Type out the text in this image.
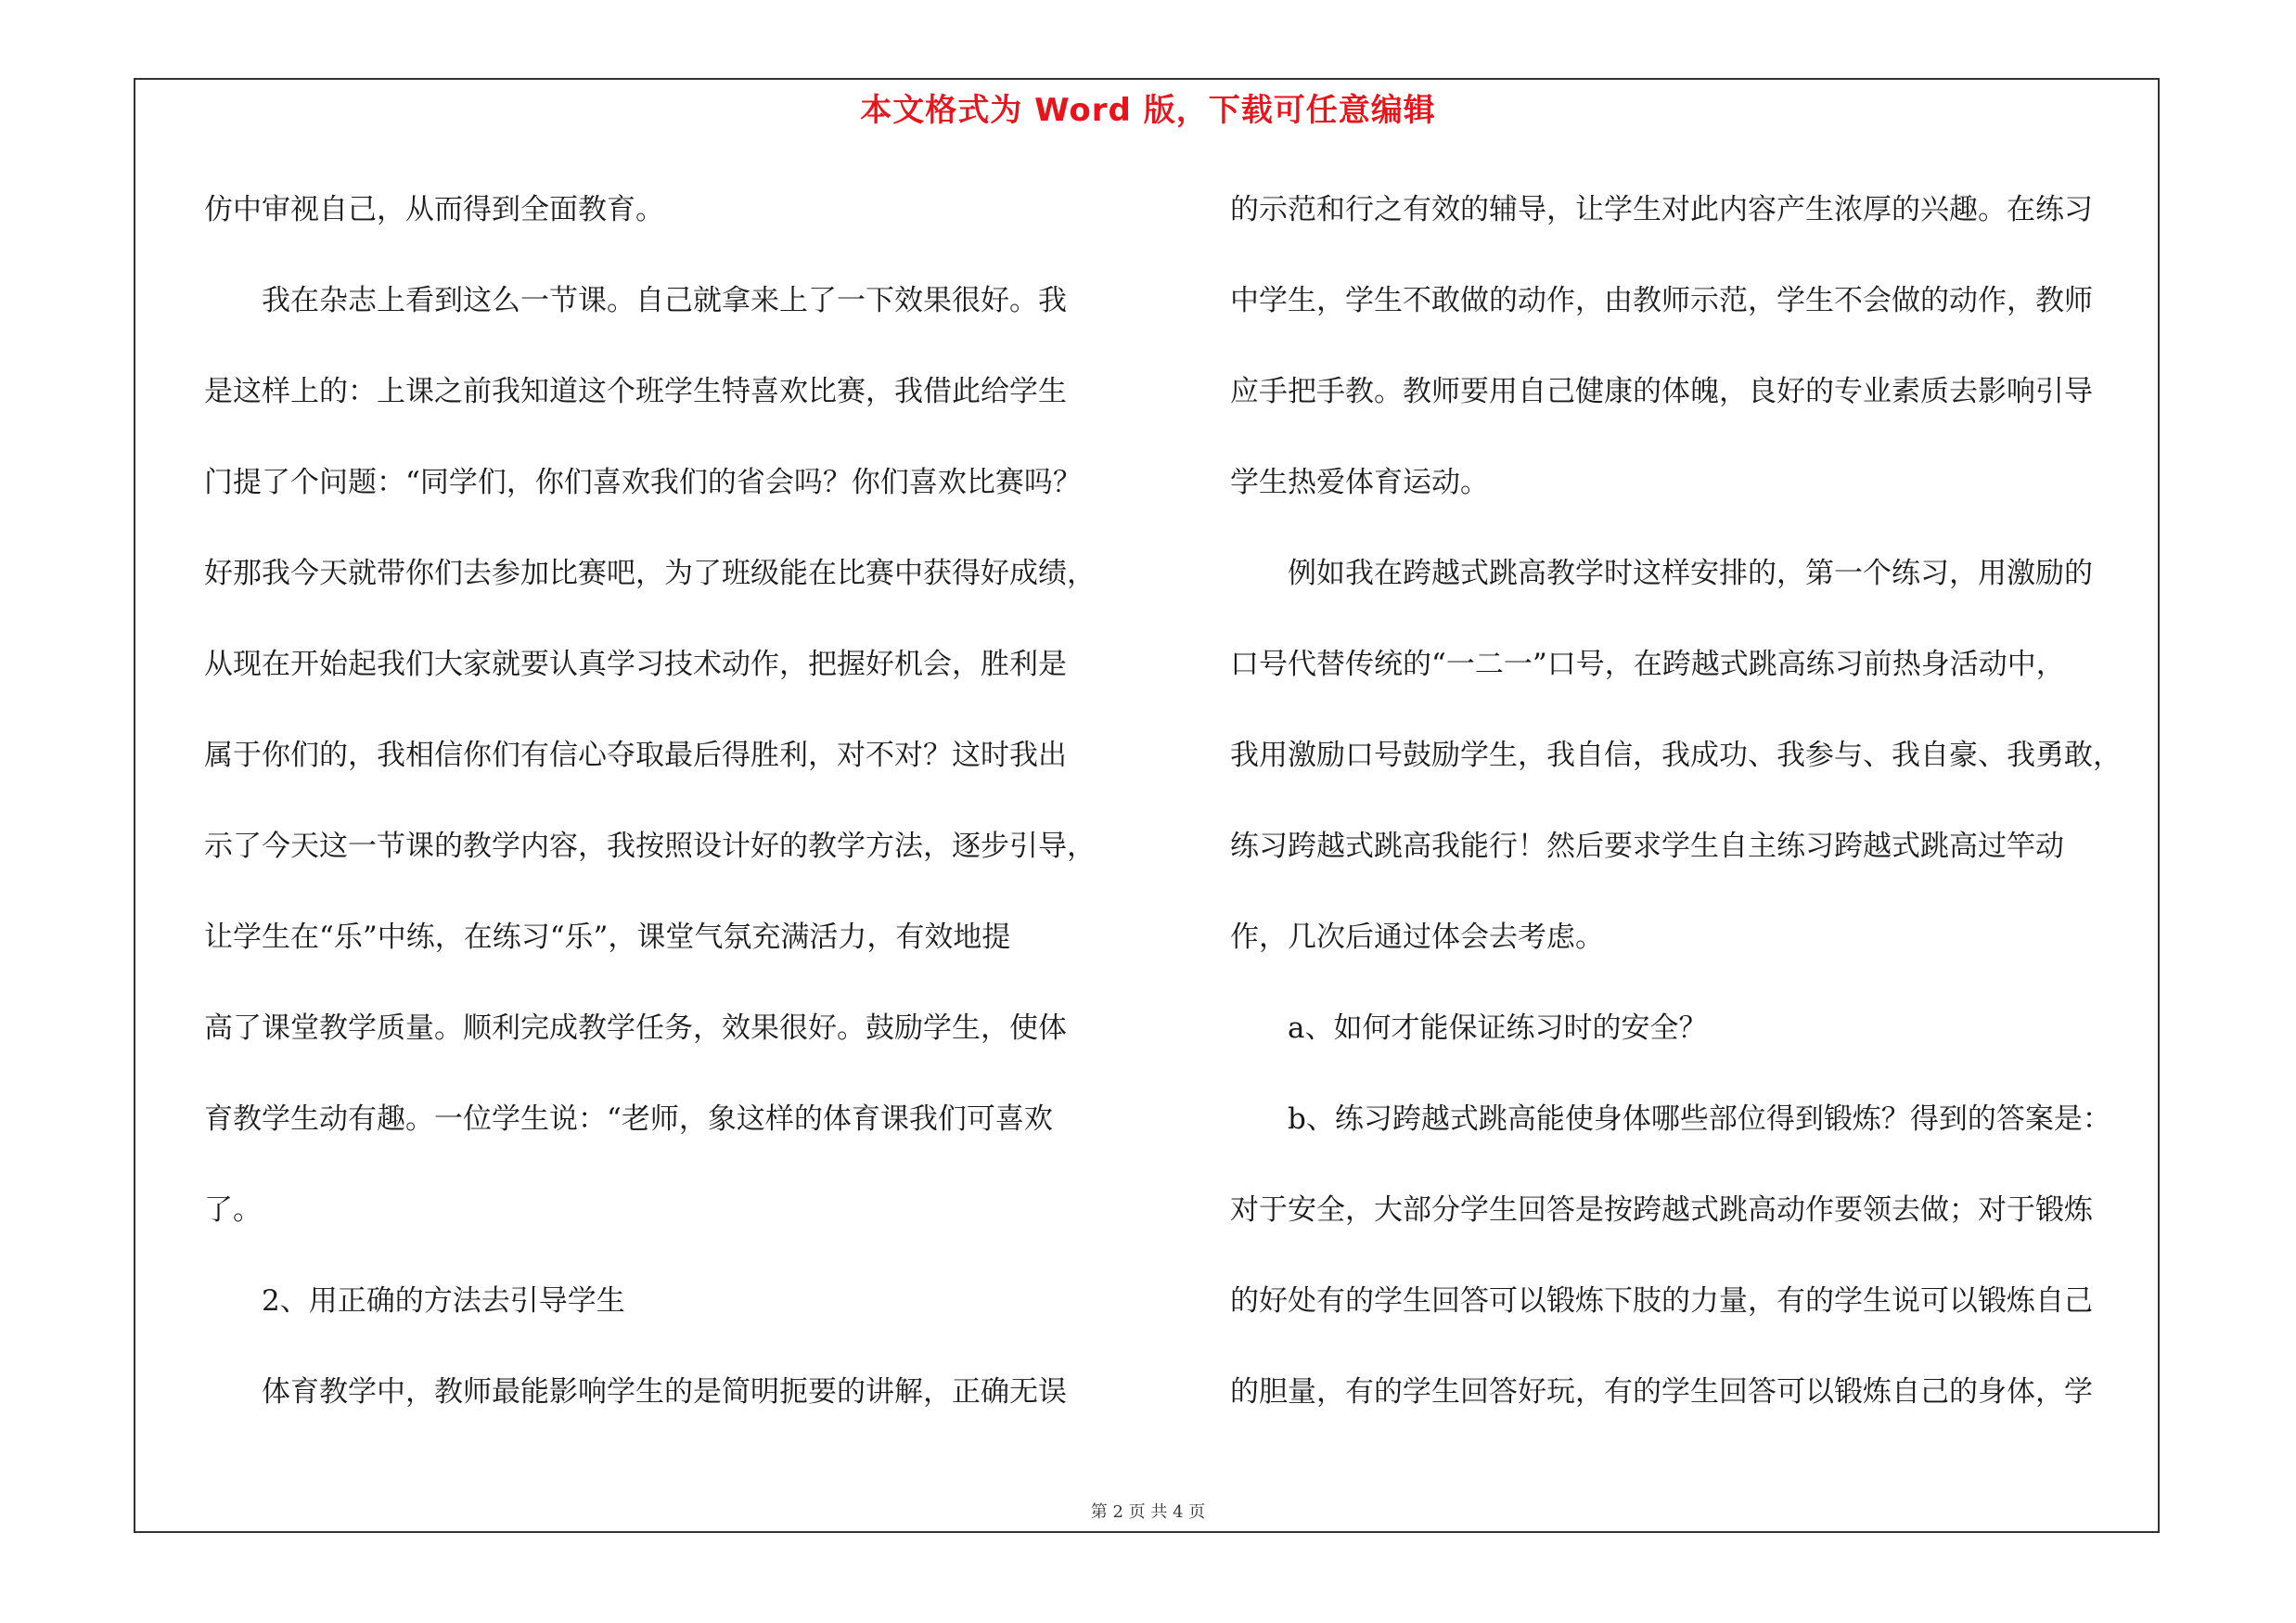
本文格式为 Word 版，下载可任意编辑

仿中审视自己，从而得到全面教育。

　　我在杂志上看到这么一节课。自己就拿来上了一下效果很好。我

是这样上的：上课之前我知道这个班学生特喜欢比赛，我借此给学生

门提了个问题：“同学们，你们喜欢我们的省会吗？你们喜欢比赛吗？

好那我今天就带你们去参加比赛吧，为了班级能在比赛中获得好成绩，

从现在开始起我们大家就要认真学习技术动作，把握好机会，胜利是

属于你们的，我相信你们有信心夺取最后得胜利，对不对？这时我出

示了今天这一节课的教学内容，我按照设计好的教学方法，逐步引导，

让学生在“乐”中练，在练习“乐”，课堂气氛充满活力，有效地提

高了课堂教学质量。顺利完成教学任务，效果很好。鼓励学生，使体

育教学生动有趣。一位学生说：“老师，象这样的体育课我们可喜欢

了。

　　2、用正确的方法去引导学生

　　体育教学中，教师最能影响学生的是简明扼要的讲解，正确无误

的示范和行之有效的辅导，让学生对此内容产生浓厚的兴趣。在练习

中学生，学生不敢做的动作，由教师示范，学生不会做的动作，教师

应手把手教。教师要用自己健康的体魄，良好的专业素质去影响引导

学生热爱体育运动。

　　例如我在跨越式跳高教学时这样安排的，第一个练习，用激励的

口号代替传统的“一二一”口号，在跨越式跳高练习前热身活动中，

我用激励口号鼓励学生，我自信，我成功、我参与、我自豪、我勇敢，

练习跨越式跳高我能行！然后要求学生自主练习跨越式跳高过竿动

作，几次后通过体会去考虑。

　　a、如何才能保证练习时的安全？

　　b、练习跨越式跳高能使身体哪些部位得到锻炼？得到的答案是：

对于安全，大部分学生回答是按跨越式跳高动作要领去做；对于锻炼

的好处有的学生回答可以锻炼下肢的力量，有的学生说可以锻炼自己

的胆量，有的学生回答好玩，有的学生回答可以锻炼自己的身体，学

第 2 页 共 4 页
